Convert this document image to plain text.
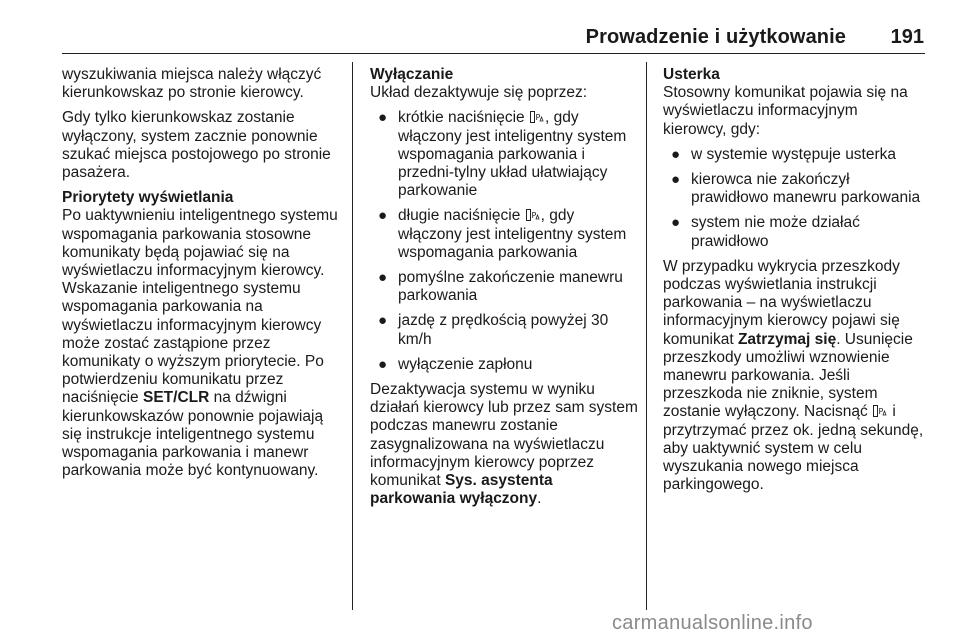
Prowadzenie i użytkowanie 191

wyszukiwania miejsca należy włączyć kierunkowskaz po stronie kierowcy.

Gdy tylko kierunkowskaz zostanie wyłączony, system zacznie ponownie szukać miejsca postojowego po stronie pasażera.

Priorytety wyświetlania

Po uaktywnieniu inteligentnego systemu wspomagania parkowania stosowne komunikaty będą pojawiać się na wyświetlaczu informacyjnym kierowcy. Wskazanie inteligentnego systemu wspomagania parkowania na wyświetlaczu informacyjnym kierowcy może zostać zastąpione przez komunikaty o wyższym priorytecie. Po potwierdzeniu komunikatu przez naciśnięcie SET/CLR na dźwigni kierunkowskazów ponownie pojawiają się instrukcje inteligentnego systemu wspomagania parkowania i manewr parkowania może być kontynuowany.

Wyłączanie

Układ dezaktywuje się poprzez:

● krótkie naciśnięcie P , gdy włączony jest inteligentny system wspomagania parkowania i przedni-tylny układ ułatwiający parkowanie
● długie naciśnięcie P , gdy włączony jest inteligentny system wspomagania parkowania
● pomyślne zakończenie manewru parkowania
● jazdę z prędkością powyżej 30 km/h
● wyłączenie zapłonu

Dezaktywacja systemu w wyniku działań kierowcy lub przez sam system podczas manewru zostanie zasygnalizowana na wyświetlaczu informacyjnym kierowcy poprzez komunikat Sys. asystenta parkowania wyłączony.

Usterka

Stosowny komunikat pojawia się na wyświetlaczu informacyjnym kierowcy, gdy:

● w systemie występuje usterka
● kierowca nie zakończył prawidłowo manewru parkowania
● system nie może działać prawidłowo

W przypadku wykrycia przeszkody podczas wyświetlania instrukcji parkowania – na wyświetlaczu informacyjnym kierowcy pojawi się komunikat Zatrzymaj się. Usunięcie przeszkody umożliwi wznowienie manewru parkowania. Jeśli przeszkoda nie zniknie, system zostanie wyłączony. Nacisnąć P i przytrzymać przez ok. jedną sekundę, aby uaktywnić system w celu wyszukania nowego miejsca parkingowego.

carmanualsonline.info
